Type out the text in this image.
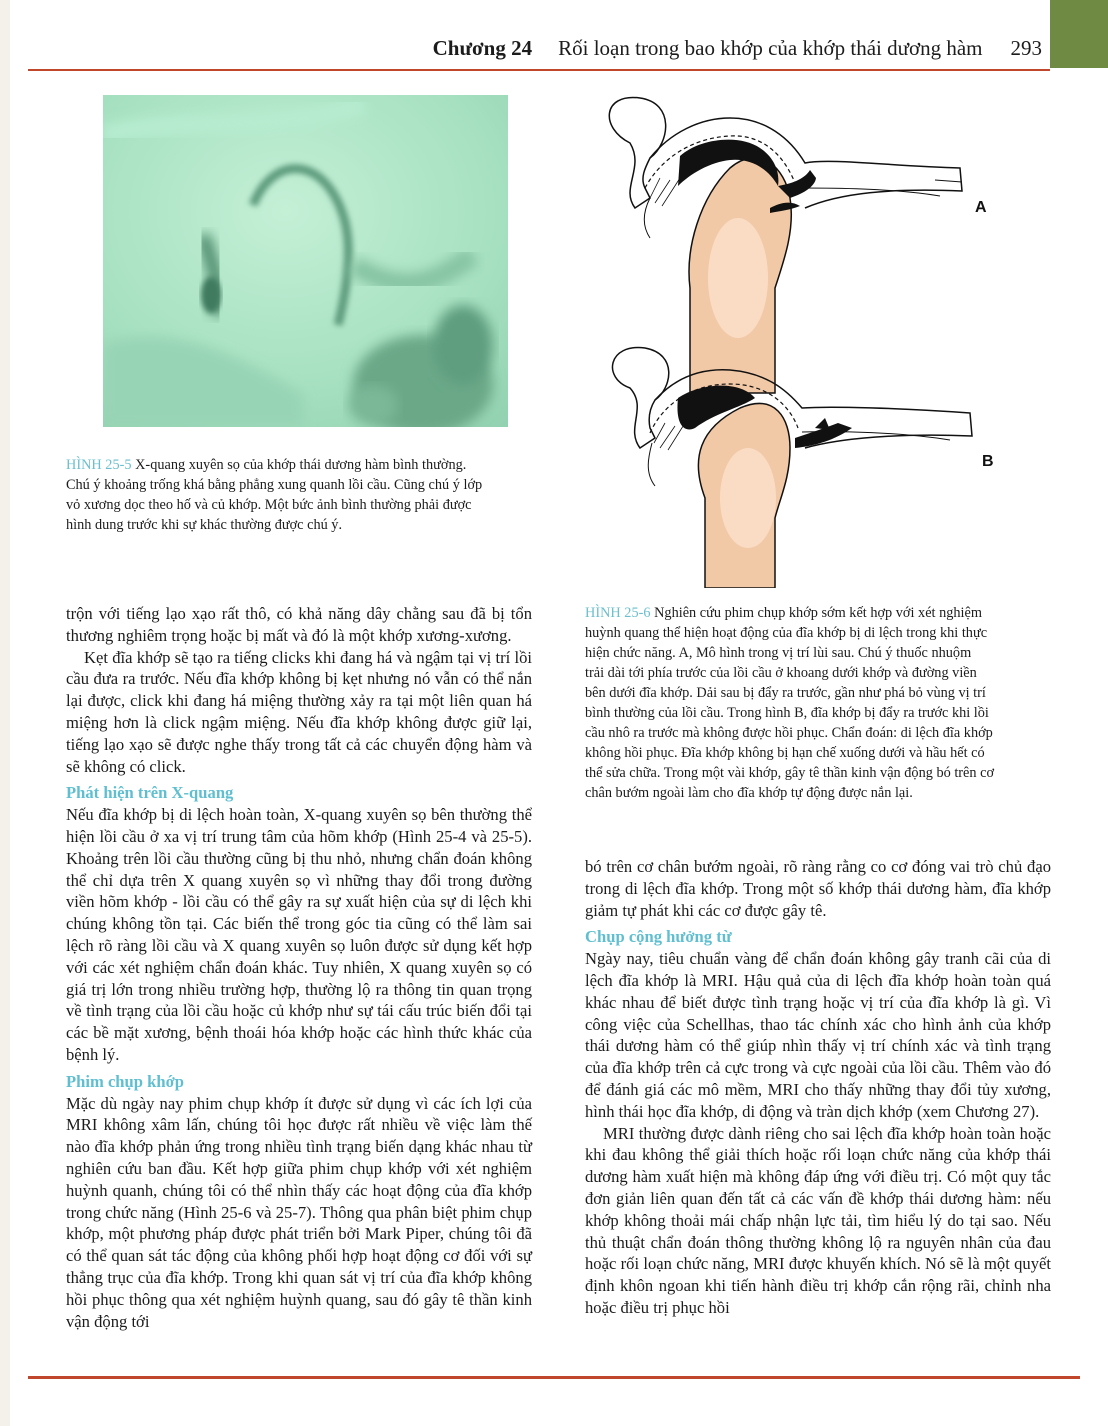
Chương 24 Rối loạn trong bao khớp của khớp thái dương hàm 293
HÌNH 25-5 X-quang xuyên sọ của khớp thái dương hàm bình thường.
Chú ý khoảng trống khá bằng phẳng xung quanh lồi cầu. Cũng chú ý lớp
vỏ xương dọc theo hố và củ khớp. Một bức ảnh bình thường phải được
hình dung trước khi sự khác thường được chú ý.
A
B
HÌNH 25-6 Nghiên cứu phim chụp khớp sớm kết hợp với xét nghiệm
huỳnh quang thể hiện hoạt động của đĩa khớp bị di lệch trong khi thực
hiện chức năng. A, Mô hình trong vị trí lùi sau. Chú ý thuốc nhuộm
trải dài tới phía trước của lồi cầu ở khoang dưới khớp và đường viền
bên dưới đĩa khớp. Dải sau bị đẩy ra trước, gần như phá bỏ vùng vị trí
bình thường của lồi cầu. Trong hình B, đĩa khớp bị đẩy ra trước khi lồi
cầu nhô ra trước mà không được hồi phục. Chẩn đoán: di lệch đĩa khớp
không hồi phục. Đĩa khớp không bị hạn chế xuống dưới và hầu hết có
thể sửa chữa. Trong một vài khớp, gây tê thần kinh vận động bó trên cơ
chân bướm ngoài làm cho đĩa khớp tự động được nắn lại.

trộn với tiếng lạo xạo rất thô, có khả năng dây chằng sau đã bị tổn thương nghiêm trọng hoặc bị mất và đó là một khớp xương-xương.

Kẹt đĩa khớp sẽ tạo ra tiếng clicks khi đang há và ngậm tại vị trí lồi cầu đưa ra trước. Nếu đĩa khớp không bị kẹt nhưng nó vẫn có thể nắn lại được, click khi đang há miệng thường xảy ra tại một liên quan há miệng hơn là click ngậm miệng. Nếu đĩa khớp không được giữ lại, tiếng lạo xạo sẽ được nghe thấy trong tất cả các chuyển động hàm và sẽ không có click.

Phát hiện trên X-quang

Nếu đĩa khớp bị di lệch hoàn toàn, X-quang xuyên sọ bên thường thể hiện lồi cầu ở xa vị trí trung tâm của hõm khớp (Hình 25-4 và 25-5). Khoảng trên lồi cầu thường cũng bị thu nhỏ, nhưng chẩn đoán không thể chỉ dựa trên X quang xuyên sọ vì những thay đổi trong đường viền hõm khớp - lồi cầu có thể gây ra sự xuất hiện của sự di lệch khi chúng không tồn tại. Các biến thể trong góc tia cũng có thể làm sai lệch rõ ràng lồi cầu và X quang xuyên sọ luôn được sử dụng kết hợp với các xét nghiệm chẩn đoán khác. Tuy nhiên, X quang xuyên sọ có giá trị lớn trong nhiều trường hợp, thường lộ ra thông tin quan trọng về tình trạng của lồi cầu hoặc củ khớp như sự tái cấu trúc biến đổi tại các bề mặt xương, bệnh thoái hóa khớp hoặc các hình thức khác của bệnh lý.

Phim chụp khớp

Mặc dù ngày nay phim chụp khớp ít được sử dụng vì các ích lợi của MRI không xâm lấn, chúng tôi học được rất nhiều về việc làm thế nào đĩa khớp phản ứng trong nhiều tình trạng biến dạng khác nhau từ nghiên cứu ban đầu. Kết hợp giữa phim chụp khớp với xét nghiệm huỳnh quanh, chúng tôi có thể nhìn thấy các hoạt động của đĩa khớp trong chức năng (Hình 25-6 và 25-7). Thông qua phân biệt phim chụp khớp, một phương pháp được phát triển bởi Mark Piper, chúng tôi đã có thể quan sát tác động của không phối hợp hoạt động cơ đối với sự thẳng trục của đĩa khớp. Trong khi quan sát vị trí của đĩa khớp không hồi phục thông qua xét nghiệm huỳnh quang, sau đó gây tê thần kinh vận động tới

bó trên cơ chân bướm ngoài, rõ ràng rằng co cơ đóng vai trò chủ đạo trong di lệch đĩa khớp. Trong một số khớp thái dương hàm, đĩa khớp giảm tự phát khi các cơ được gây tê.

Chụp cộng hưởng từ

Ngày nay, tiêu chuẩn vàng để chẩn đoán không gây tranh cãi của di lệch đĩa khớp là MRI. Hậu quả của di lệch đĩa khớp hoàn toàn quá khác nhau để biết được tình trạng hoặc vị trí của đĩa khớp là gì. Vì công việc của Schellhas, thao tác chính xác cho hình ảnh của khớp thái dương hàm có thể giúp nhìn thấy vị trí chính xác và tình trạng của đĩa khớp trên cả cực trong và cực ngoài của lồi cầu. Thêm vào đó để đánh giá các mô mềm, MRI cho thấy những thay đổi tủy xương, hình thái học đĩa khớp, di động và tràn dịch khớp (xem Chương 27).

MRI thường được dành riêng cho sai lệch đĩa khớp hoàn toàn hoặc khi đau không thể giải thích hoặc rối loạn chức năng của khớp thái dương hàm xuất hiện mà không đáp ứng với điều trị. Có một quy tắc đơn giản liên quan đến tất cả các vấn đề khớp thái dương hàm: nếu khớp không thoải mái chấp nhận lực tải, tìm hiểu lý do tại sao. Nếu thủ thuật chẩn đoán thông thường không lộ ra nguyên nhân của đau hoặc rối loạn chức năng, MRI được khuyến khích. Nó sẽ là một quyết định khôn ngoan khi tiến hành điều trị khớp cắn rộng rãi, chỉnh nha hoặc điều trị phục hồi
